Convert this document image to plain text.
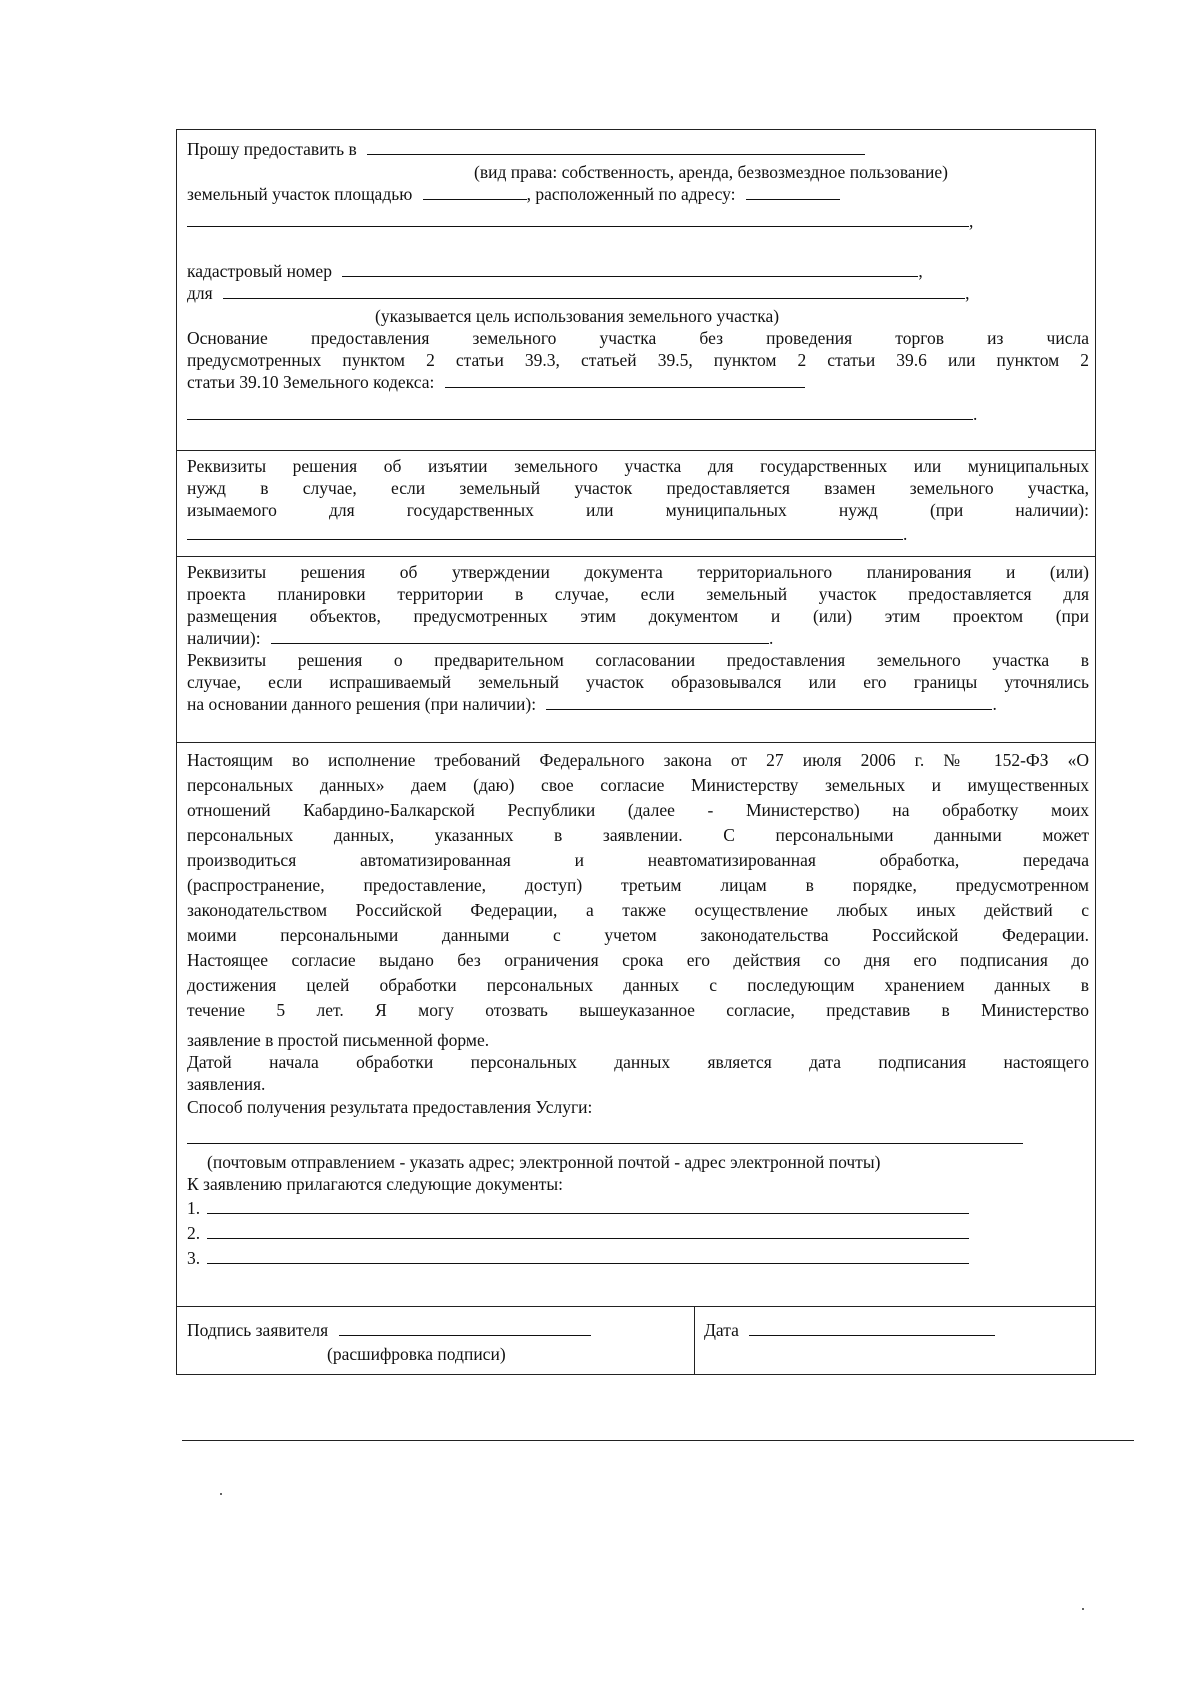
Прошу предоставить в
(вид права: собственность, аренда, безвозмездное пользование)
земельный участок площадью	, расположенный по адресу:
,
кадастровый номер	,
для	,
(указывается цель использования земельного участка)
Основание предоставления земельного участка без проведения торгов из числа
предусмотренных пунктом 2 статьи 39.3, статьей 39.5, пунктом 2 статьи 39.6 или пунктом 2
статьи 39.10 Земельного кодекса:
.
Реквизиты решения об изъятии земельного участка для государственных или муниципальных
нужд в случае, если земельный участок предоставляется взамен земельного участка,
изымаемого для государственных или муниципальных нужд (при наличии):
.
Реквизиты решения об утверждении документа территориального планирования и (или)
проекта планировки территории в случае, если земельный участок предоставляется для
размещения объектов, предусмотренных этим документом и (или) этим проектом (при
наличии):	.
Реквизиты решения о предварительном согласовании предоставления земельного участка в
случае, если испрашиваемый земельный участок образовывался или его границы уточнялись
на основании данного решения (при наличии):	.
Настоящим во исполнение требований Федерального закона от 27 июля 2006 г. № 152-ФЗ «О
персональных данных» даем (даю) свое согласие Министерству земельных и имущественных
отношений Кабардино-Балкарской Республики (далее - Министерство) на обработку моих
персональных данных, указанных в заявлении. С персональными данными может
производиться автоматизированная и неавтоматизированная обработка, передача
(распространение, предоставление, доступ) третьим лицам в порядке, предусмотренном
законодательством Российской Федерации, а также осуществление любых иных действий с
моими персональными данными с учетом законодательства Российской Федерации.
Настоящее согласие выдано без ограничения срока его действия со дня его подписания до
достижения целей обработки персональных данных с последующим хранением данных в
течение 5 лет. Я могу отозвать вышеуказанное согласие, представив в Министерство
заявление в простой письменной форме.
Датой начала обработки персональных данных является дата подписания настоящего
заявления.
Способ получения результата предоставления Услуги:
(почтовым отправлением - указать адрес; электронной почтой - адрес электронной почты)
К заявлению прилагаются следующие документы:
1.
2.
3.
Подпись заявителя
(расшифровка подписи)
Дата
